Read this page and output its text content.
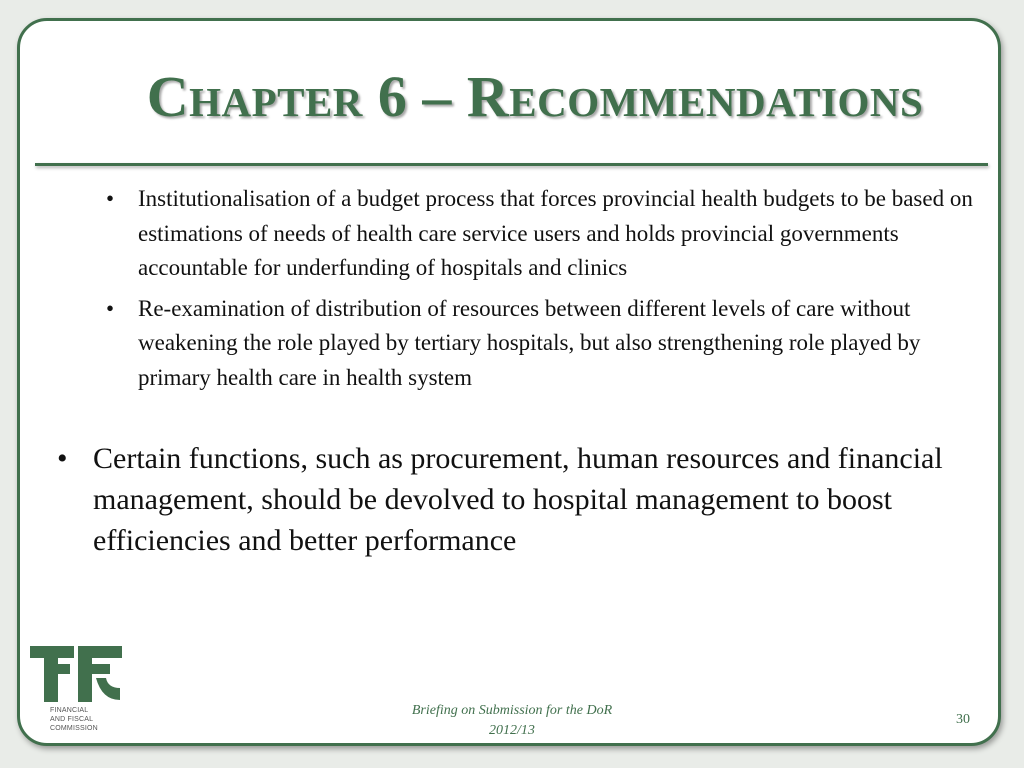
Chapter 6 – Recommendations
• Institutionalisation of a budget process that forces provincial health budgets to be based on estimations of needs of health care service users and holds provincial governments accountable for underfunding of hospitals and clinics
• Re-examination of distribution of resources between different levels of care without weakening the role played by tertiary hospitals, but also strengthening role played by primary health care in health system
• Certain functions, such as procurement, human resources and financial management, should be devolved to hospital management to boost efficiencies and better performance
FINANCIAL
AND FISCAL
COMMISSION
Briefing on Submission for the DoR
2012/13
30
